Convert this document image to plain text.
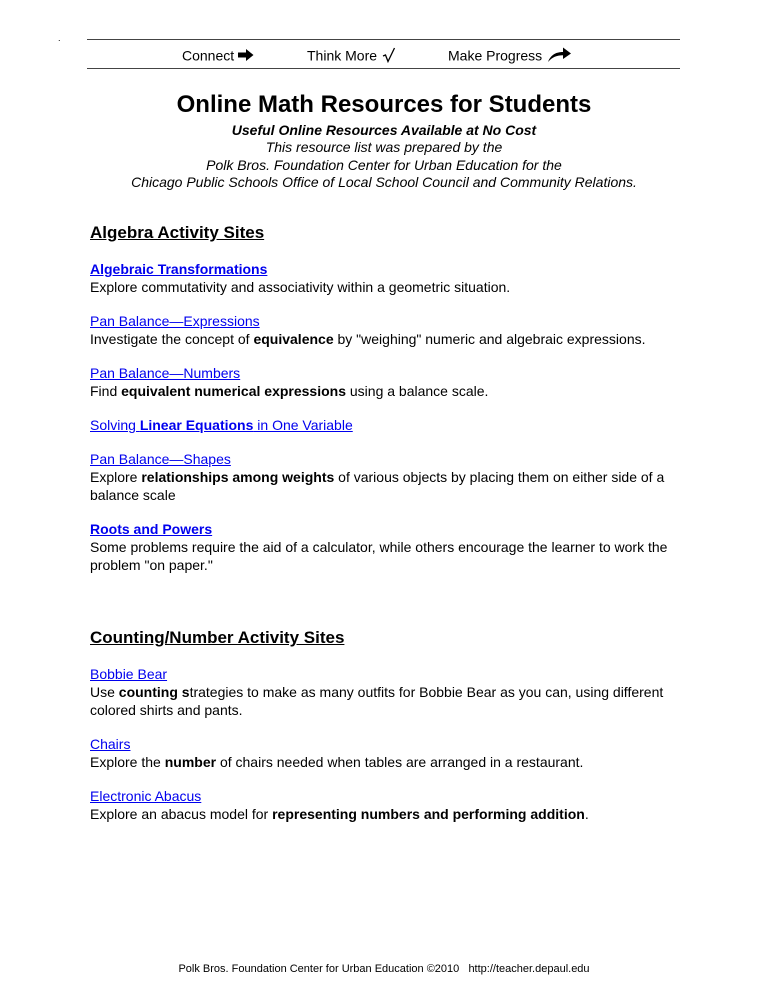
.
Connect	Think More	Make Progress
Online Math Resources for Students
Useful Online Resources Available at No Cost
This resource list was prepared by the
Polk Bros. Foundation Center for Urban Education for the
Chicago Public Schools Office of Local School Council and Community Relations.
Algebra Activity Sites
Algebraic Transformations
Explore commutativity and associativity within a geometric situation.
Pan Balance—Expressions
Investigate the concept of equivalence by "weighing" numeric and algebraic expressions.
Pan Balance—Numbers
Find equivalent numerical expressions using a balance scale.
Solving Linear Equations in One Variable
Pan Balance—Shapes
Explore relationships among weights of various objects by placing them on either side of a balance scale
Roots and Powers
Some problems require the aid of a calculator, while others encourage the learner to work the problem "on paper."
Counting/Number Activity Sites
Bobbie Bear
Use counting strategies to make as many outfits for Bobbie Bear as you can, using different colored shirts and pants.
Chairs
Explore the number of chairs needed when tables are arranged in a restaurant.
Electronic Abacus
Explore an abacus model for representing numbers and performing addition.
Polk Bros. Foundation Center for Urban Education ©2010   http://teacher.depaul.edu
